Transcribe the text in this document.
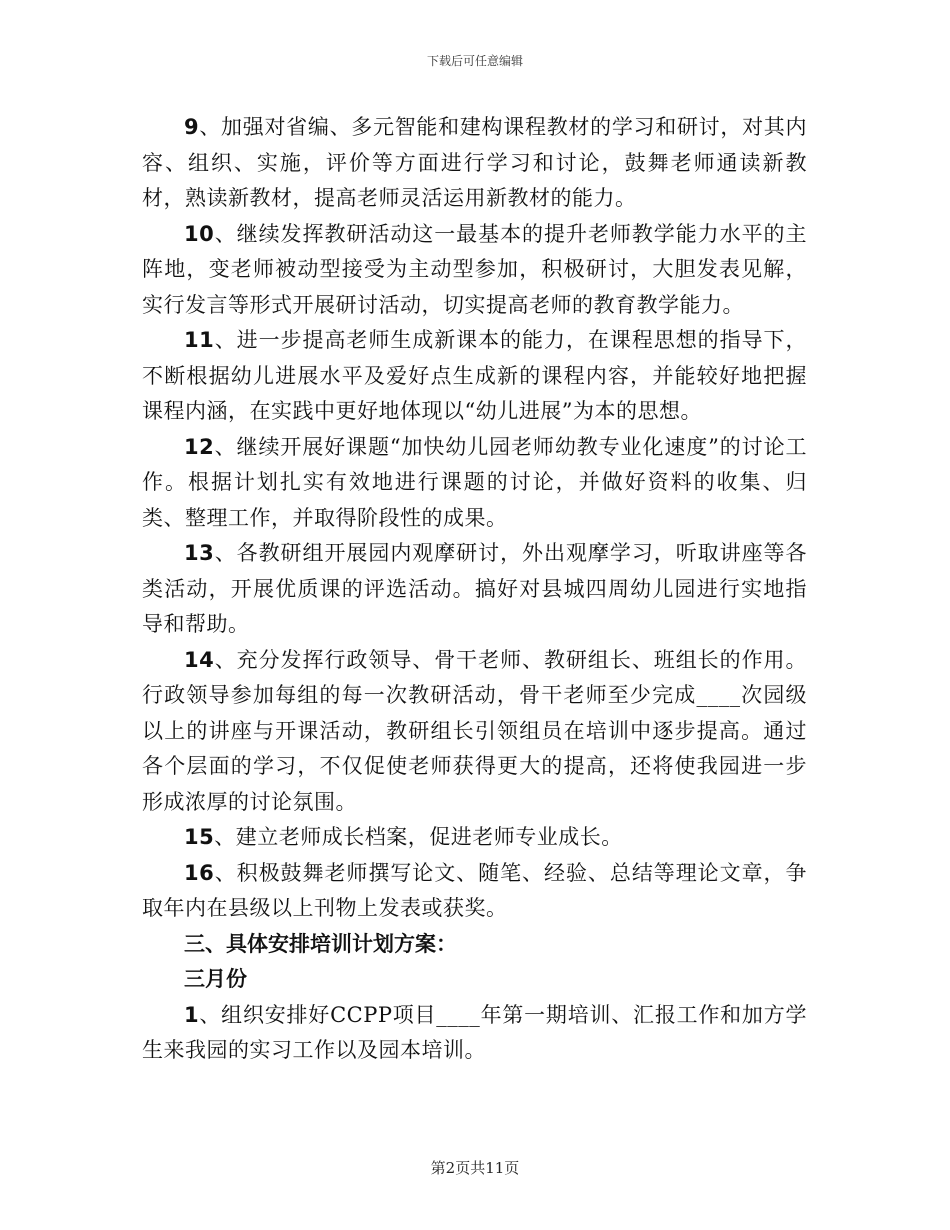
下载后可任意编辑

9、加强对省编、多元智能和建构课程教材的学习和研讨，对其内容、组织、实施，评价等方面进行学习和讨论，鼓舞老师通读新教材，熟读新教材，提高老师灵活运用新教材的能力。

10、继续发挥教研活动这一最基本的提升老师教学能力水平的主阵地，变老师被动型接受为主动型参加，积极研讨，大胆发表见解，实行发言等形式开展研讨活动，切实提高老师的教育教学能力。

11、进一步提高老师生成新课本的能力，在课程思想的指导下，不断根据幼儿进展水平及爱好点生成新的课程内容，并能较好地把握课程内涵，在实践中更好地体现以“幼儿进展”为本的思想。

12、继续开展好课题“加快幼儿园老师幼教专业化速度”的讨论工作。根据计划扎实有效地进行课题的讨论，并做好资料的收集、归类、整理工作，并取得阶段性的成果。

13、各教研组开展园内观摩研讨，外出观摩学习，听取讲座等各类活动，开展优质课的评选活动。搞好对县城四周幼儿园进行实地指导和帮助。

14、充分发挥行政领导、骨干老师、教研组长、班组长的作用。行政领导参加每组的每一次教研活动，骨干老师至少完成____次园级以上的讲座与开课活动，教研组长引领组员在培训中逐步提高。通过各个层面的学习，不仅促使老师获得更大的提高，还将使我园进一步形成浓厚的讨论氛围。

15、建立老师成长档案，促进老师专业成长。

16、积极鼓舞老师撰写论文、随笔、经验、总结等理论文章，争取年内在县级以上刊物上发表或获奖。

三、具体安排培训计划方案：

三月份

1、组织安排好CCPP项目____年第一期培训、汇报工作和加方学生来我园的实习工作以及园本培训。

第2页共11页
